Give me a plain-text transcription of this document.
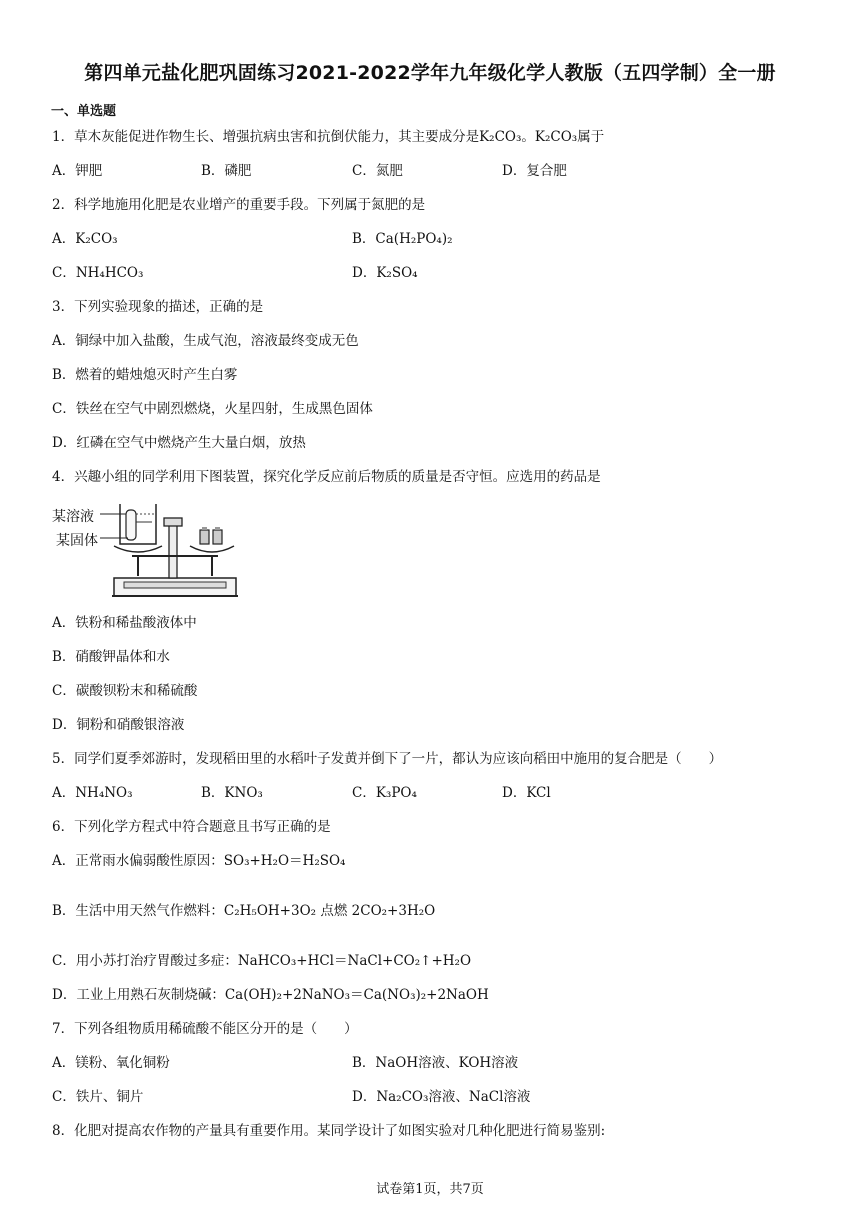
第四单元盐化肥巩固练习2021-2022学年九年级化学人教版（五四学制）全一册
一、单选题
1．草木灰能促进作物生长、增强抗病虫害和抗倒伏能力，其主要成分是K₂CO₃。K₂CO₃属于
A．钾肥	B．磷肥	C．氮肥	D．复合肥
2．科学地施用化肥是农业增产的重要手段。下列属于氮肥的是
A．K₂CO₃	B．Ca(H₂PO₄)₂
C．NH₄HCO₃	D．K₂SO₄
3．下列实验现象的描述，正确的是
A．铜绿中加入盐酸，生成气泡，溶液最终变成无色
B．燃着的蜡烛熄灭时产生白雾
C．铁丝在空气中剧烈燃烧，火星四射，生成黑色固体
D．红磷在空气中燃烧产生大量白烟，放热
4．兴趣小组的同学利用下图装置，探究化学反应前后物质的质量是否守恒。应选用的药品是
某溶液
某固体
A．铁粉和稀盐酸液体中
B．硝酸钾晶体和水
C．碳酸钡粉末和稀硫酸
D．铜粉和硝酸银溶液
5．同学们夏季郊游时，发现稻田里的水稻叶子发黄并倒下了一片，都认为应该向稻田中施用的复合肥是（　　）
A．NH₄NO₃	B．KNO₃	C．K₃PO₄	D．KCl
6．下列化学方程式中符合题意且书写正确的是
A．正常雨水偏弱酸性原因：SO₃+H₂O＝H₂SO₄
B．生活中用天然气作燃料：C₂H₅OH+3O₂ 点燃 2CO₂+3H₂O
C．用小苏打治疗胃酸过多症：NaHCO₃+HCl＝NaCl+CO₂↑+H₂O
D．工业上用熟石灰制烧碱：Ca(OH)₂+2NaNO₃＝Ca(NO₃)₂+2NaOH
7．下列各组物质用稀硫酸不能区分开的是（　　）
A．镁粉、氧化铜粉	B．NaOH溶液、KOH溶液
C．铁片、铜片	D．Na₂CO₃溶液、NaCl溶液
8．化肥对提高农作物的产量具有重要作用。某同学设计了如图实验对几种化肥进行简易鉴别:
试卷第1页，共7页
